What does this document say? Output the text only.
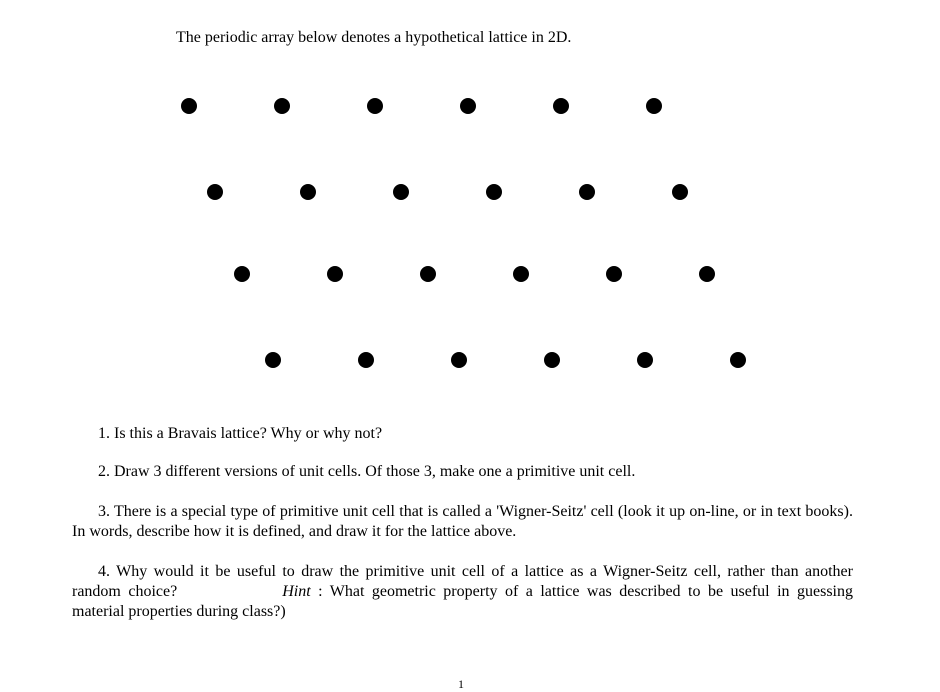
The periodic array below denotes a hypothetical lattice in 2D.

1. Is this a Bravais lattice? Why or why not?

2. Draw 3 different versions of unit cells. Of those 3, make one a primitive unit cell.

3. There is a special type of primitive unit cell that is called a 'Wigner-Seitz' cell (look it up on-line, or in text books). In words, describe how it is defined, and draw it for the lattice above.

4. Why would it be useful to draw the primitive unit cell of a lattice as a Wigner-Seitz cell, rather than another random choice?	Hint : What geometric property of a lattice was described to be useful in guessing material properties during class?)

1
